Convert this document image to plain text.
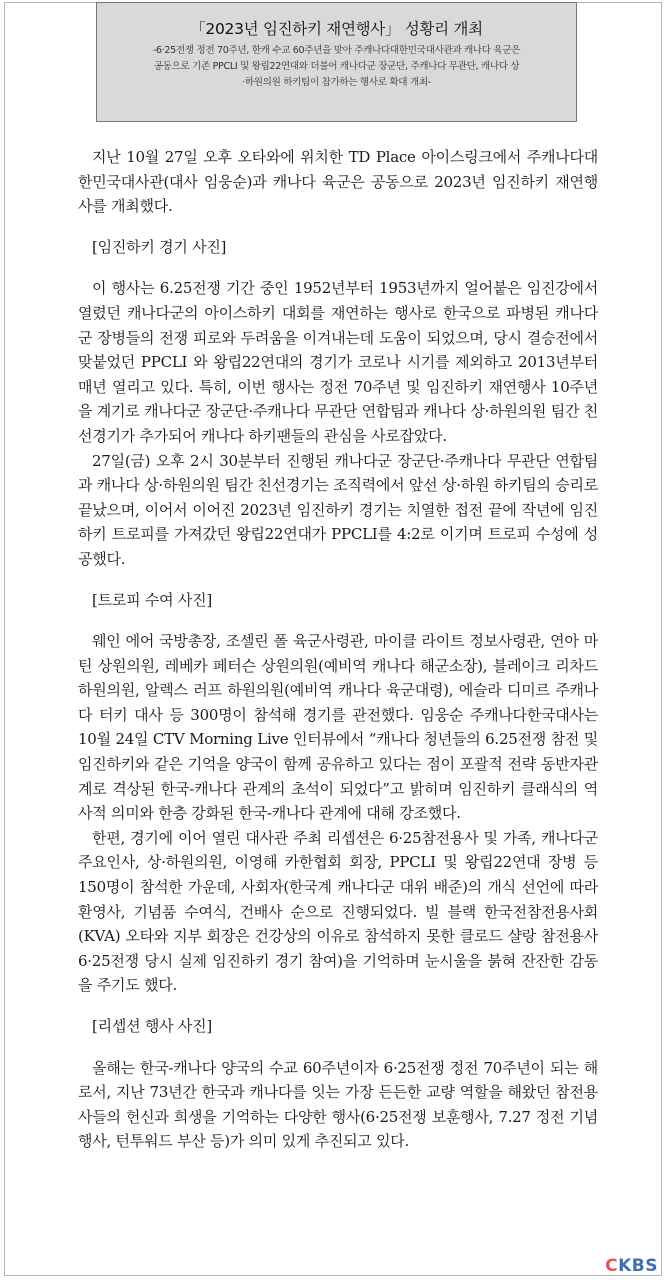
「2023년 임진하키 재연행사」 성황리 개최
-6·25전쟁 정전 70주년, 한캐 수교 60주년을 맞아 주캐나다대한민국대사관과 캐나다 육군은
공동으로 기존 PPCLI 및 왕립22연대와 더불어 캐나다군 장군단, 주캐나다 무관단, 캐나다 상
·하원의원 하키팀이 참가하는 행사로 확대 개최-

지난 10월 27일 오후 오타와에 위치한 TD Place 아이스링크에서 주캐나다대한민국대사관(대사 임웅순)과 캐나다 육군은 공동으로 2023년 임진하키 재연행사를 개최했다.

[임진하키 경기 사진]

이 행사는 6.25전쟁 기간 중인 1952년부터 1953년까지 얼어붙은 임진강에서 열렸던 캐나다군의 아이스하키 대회를 재연하는 행사로 한국으로 파병된 캐나다군 장병들의 전쟁 피로와 두려움을 이겨내는데 도움이 되었으며, 당시 결승전에서 맞붙었던 PPCLI 와 왕립22연대의 경기가 코로나 시기를 제외하고 2013년부터 매년 열리고 있다. 특히, 이번 행사는 정전 70주년 및 임진하키 재연행사 10주년을 계기로 캐나다군 장군단·주캐나다 무관단 연합팀과 캐나다 상·하원의원 팀간 친선경기가 추가되어 캐나다 하키팬들의 관심을 사로잡았다.

27일(금) 오후 2시 30분부터 진행된 캐나다군 장군단·주캐나다 무관단 연합팀과 캐나다 상·하원의원 팀간 친선경기는 조직력에서 앞선 상·하원 하키팀의 승리로 끝났으며, 이어서 이어진 2023년 임진하키 경기는 치열한 접전 끝에 작년에 임진하키 트로피를 가져갔던 왕립22연대가 PPCLI를 4:2로 이기며 트로피 수성에 성공했다.

[트로피 수여 사진]

웨인 에어 국방총장, 조셀린 폴 육군사령관, 마이클 라이트 정보사령관, 연아 마틴 상원의원, 레베카 페터슨 상원의원(예비역 캐나다 해군소장), 블레이크 리차드 하원의원, 알렉스 러프 하원의원(예비역 캐나다 육군대령), 에슬라 디미르 주캐나다 터키 대사 등 300명이 참석해 경기를 관전했다. 임웅순 주캐나다한국대사는 10월 24일 CTV Morning Live 인터뷰에서 “캐나다 청년들의 6.25전쟁 참전 및 임진하키와 같은 기억을 양국이 함께 공유하고 있다는 점이 포괄적 전략 동반자관계로 격상된 한국-캐나다 관계의 초석이 되었다”고 밝히며 임진하키 클래식의 역사적 의미와 한층 강화된 한국-캐나다 관계에 대해 강조했다.

한편, 경기에 이어 열린 대사관 주최 리셉션은 6·25참전용사 및 가족, 캐나다군 주요인사, 상·하원의원, 이영해 카한협회 회장, PPCLI 및 왕립22연대 장병 등 150명이 참석한 가운데, 사회자(한국계 캐나다군 대위 배준)의 개식 선언에 따라 환영사, 기념품 수여식, 건배사 순으로 진행되었다. 빌 블랙 한국전참전용사회(KVA) 오타와 지부 회장은 건강상의 이유로 참석하지 못한 클로드 샬랑 참전용사6·25전쟁 당시 실제 임진하키 경기 참여)을 기억하며 눈시울을 붉혀 잔잔한 감동을 주기도 했다.

[리셉션 행사 사진]

올해는 한국-캐나다 양국의 수교 60주년이자 6·25전쟁 정전 70주년이 되는 해로서, 지난 73년간 한국과 캐나다를 잇는 가장 든든한 교량 역할을 해왔던 참전용사들의 헌신과 희생을 기억하는 다양한 행사(6·25전쟁 보훈행사, 7.27 정전 기념행사, 턴투워드 부산 등)가 의미 있게 추진되고 있다.

CKBS
